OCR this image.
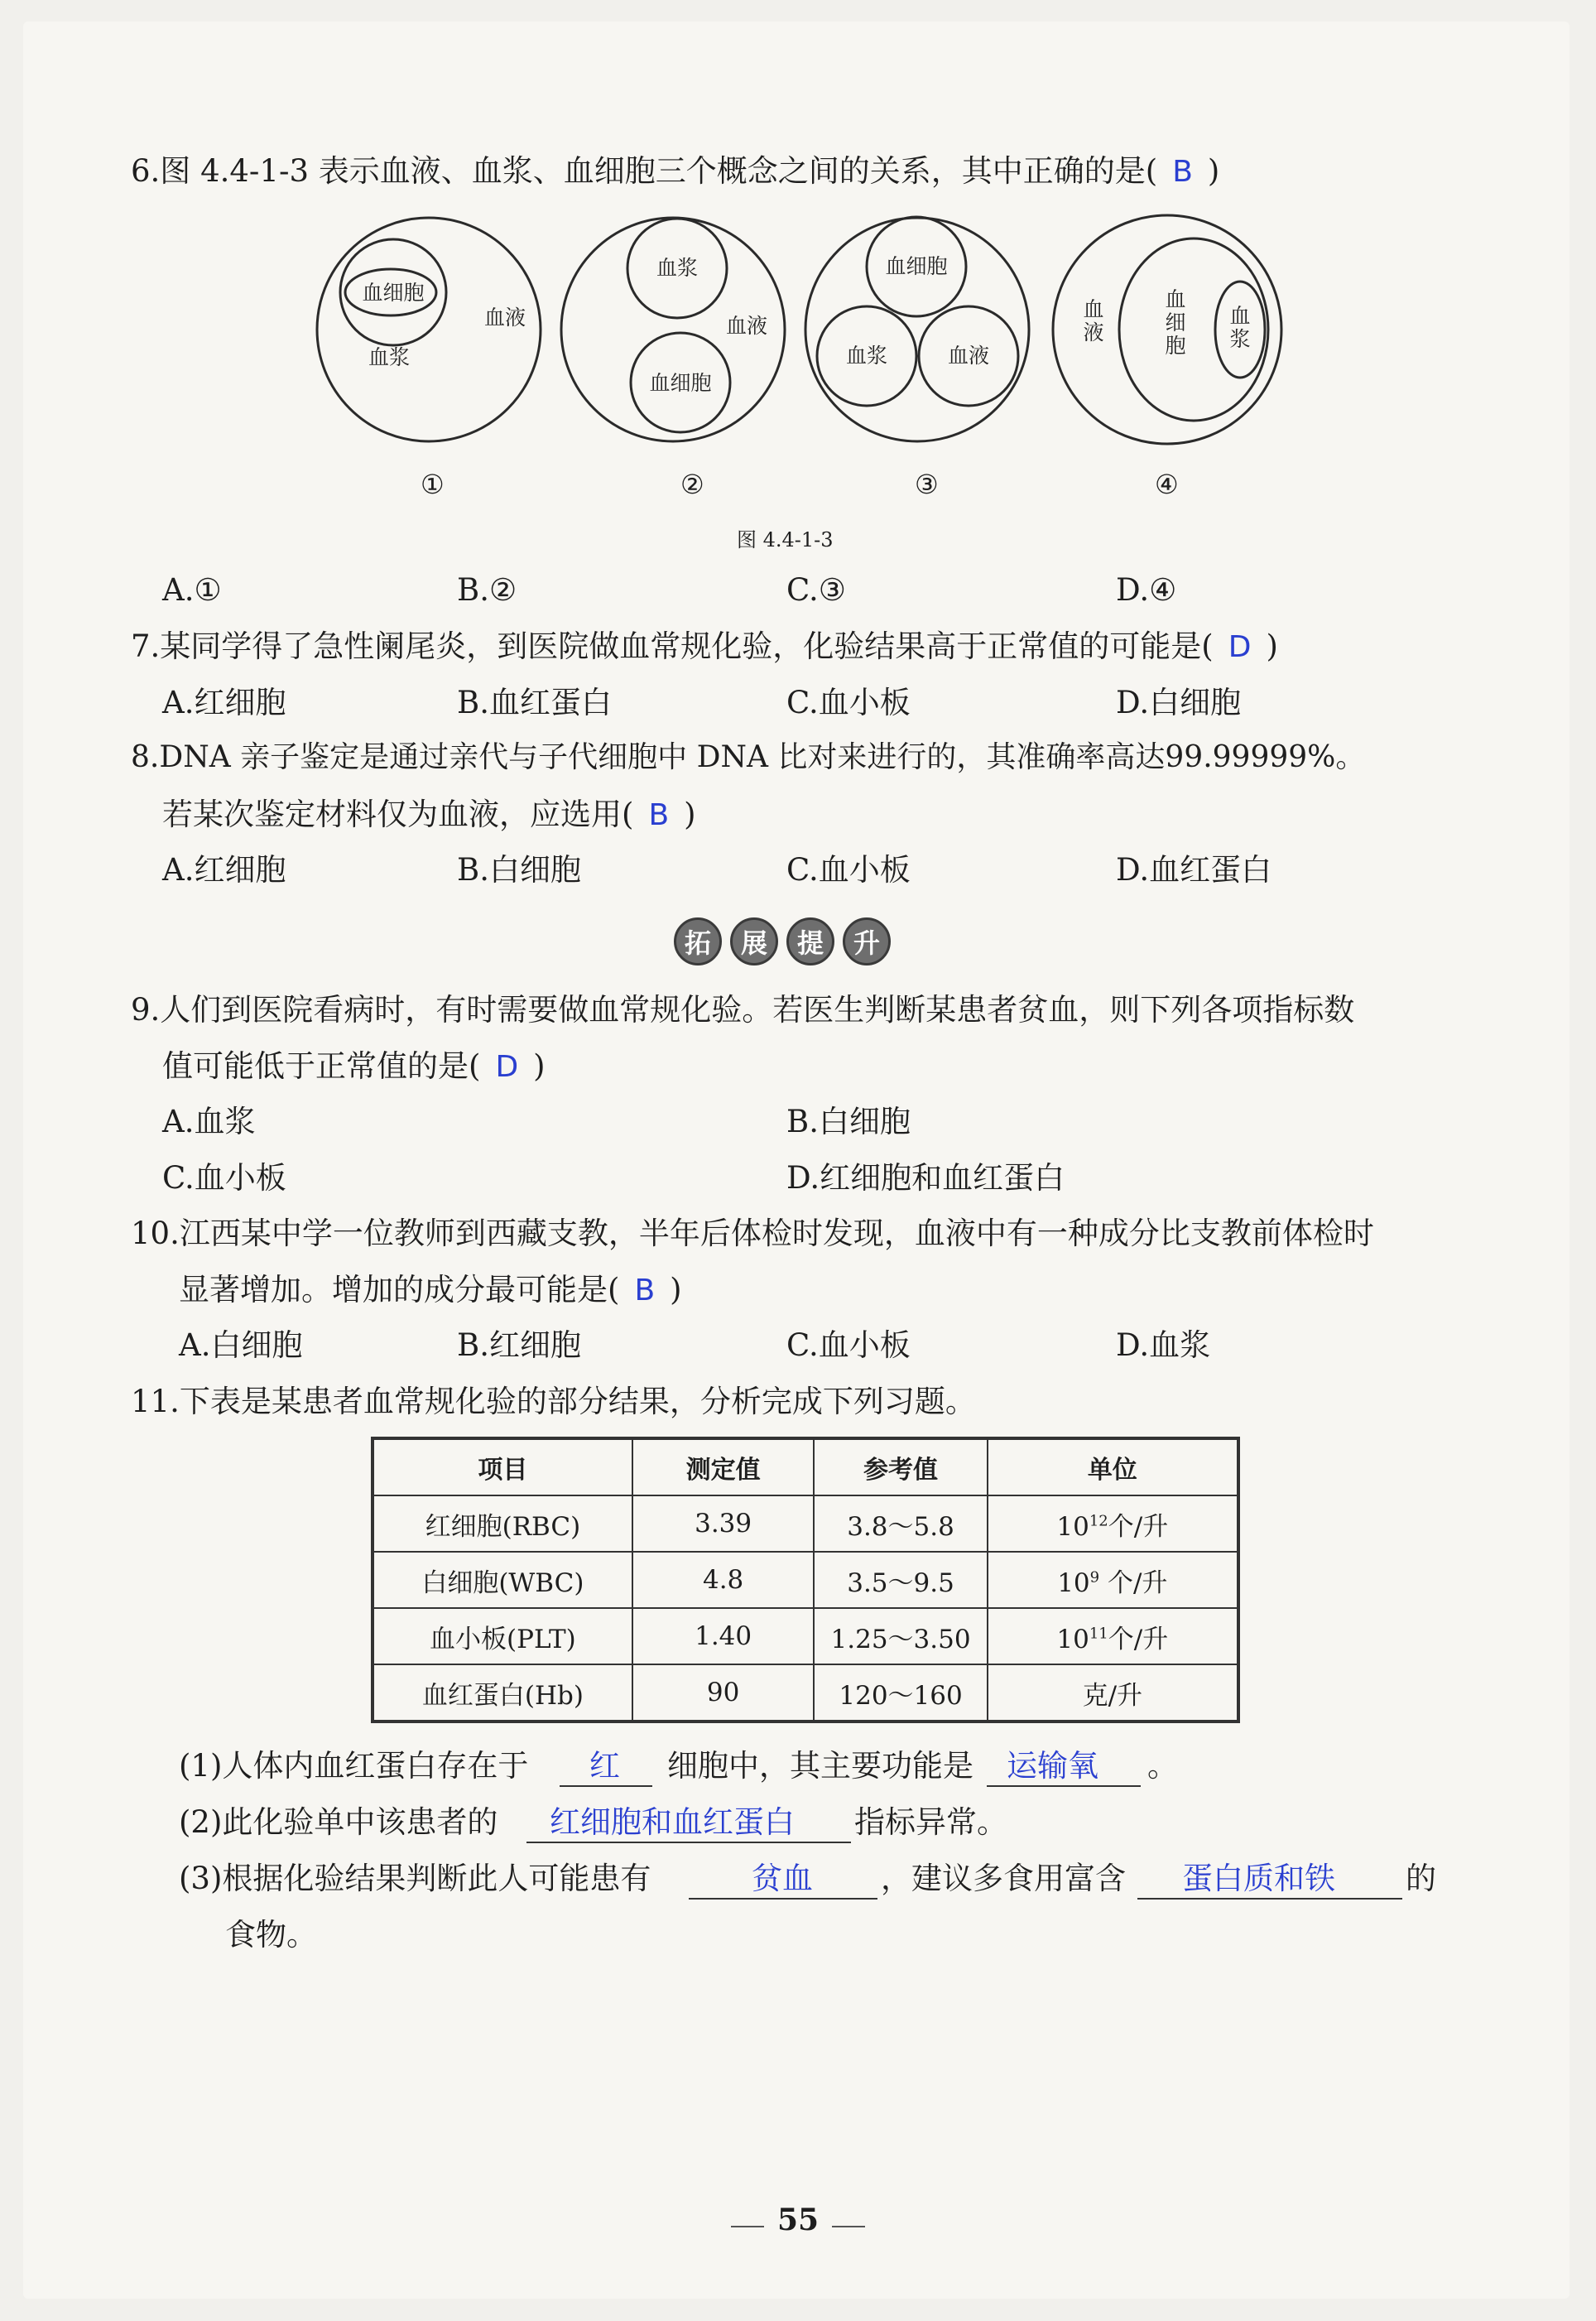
6.图 4.4-1-3 表示血液、血浆、血细胞三个概念之间的关系，其中正确的是( B )
血细胞
血浆
血液
血浆
血细胞
血液
血细胞
血浆	血液
血
液
血
细
胞
血
浆
①	②	③	④
图 4.4-1-3
A.①	B.②	C.③	D.④
7.某同学得了急性阑尾炎，到医院做血常规化验，化验结果高于正常值的可能是( D )
A.红细胞	B.血红蛋白	C.血小板	D.白细胞
8.DNA 亲子鉴定是通过亲代与子代细胞中 DNA 比对来进行的，其准确率高达99.99999%。
若某次鉴定材料仅为血液，应选用( B )
A.红细胞	B.白细胞	C.血小板	D.血红蛋白
拓	展	提	升
9.人们到医院看病时，有时需要做血常规化验。若医生判断某患者贫血，则下列各项指标数
值可能低于正常值的是( D )
A.血浆	B.白细胞
C.血小板	D.红细胞和血红蛋白
10.江西某中学一位教师到西藏支教，半年后体检时发现，血液中有一种成分比支教前体检时
显著增加。增加的成分最可能是( B )
A.白细胞	B.红细胞	C.血小板	D.血浆
11.下表是某患者血常规化验的部分结果，分析完成下列习题。
项目	测定值	参考值	单位
红细胞(RBC)	3.39	3.8～5.8	$10^{12}$个/升
白细胞(WBC)	4.8	3.5～9.5	$10^9$ 个/升
血小板(PLT)	1.40	1.25～3.50	$10^{11}$个/升
血红蛋白(Hb)	90	120～160	克/升
(1)人体内血红蛋白存在于 红 细胞中，其主要功能是 运输氧 。
(2)此化验单中该患者的 红细胞和血红蛋白 指标异常。
(3)根据化验结果判断此人可能患有	贫血 ，建议多食用富含 蛋白质和铁 的
食物。
55
